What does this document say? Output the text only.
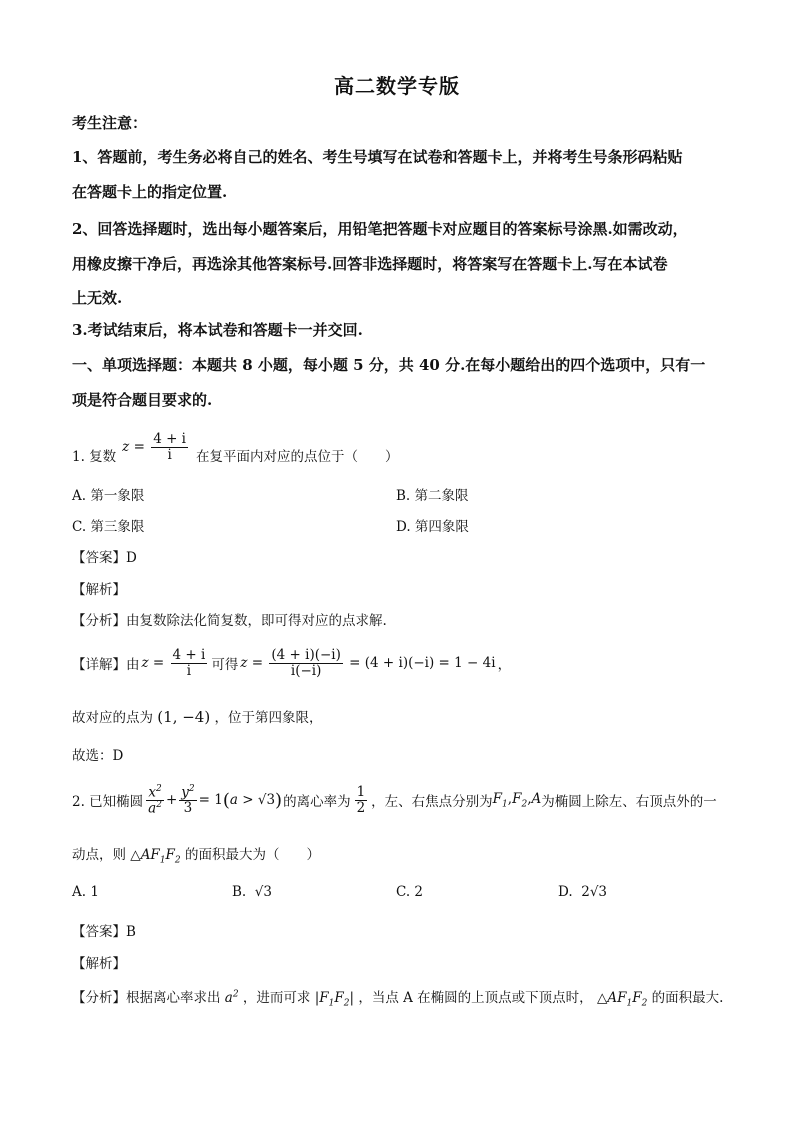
高二数学专版
考生注意：
1、答题前，考生务必将自己的姓名、考生号填写在试卷和答题卡上，并将考生号条形码粘贴
在答题卡上的指定位置.
2、回答选择题时，选出每小题答案后，用铅笔把答题卡对应题目的答案标号涂黑.如需改动，
用橡皮擦干净后，再选涂其他答案标号.回答非选择题时，将答案写在答题卡上.写在本试卷
上无效.
3.考试结束后，将本试卷和答题卡一并交回.
一、单项选择题：本题共 8 小题，每小题 5 分，共 40 分.在每小题给出的四个选项中，只有一
项是符合题目要求的.
1. 复数
$z = \frac{4 + i}{i}$ 在复平面内对应的点位于（　　）
A. 第一象限	B. 第二象限
C. 第三象限	D. 第四象限
【答案】D
【解析】
【分析】由复数除法化简复数，即可得对应的点求解.
【详解】由 $z = \frac{4 + i}{i}$ 可得 $z = \frac{(4 + i)(-i)}{i(-i)} = (4 + i)(-i) = 1 - 4i$ ，
故对应的点为 (1, −4) ，位于第四象限，
故选：D
2. 已知椭圆 $\frac{x^2}{a^2} + \frac{y^2}{3} = 1$ ( a > √3 ) 的离心率为 $\frac{1}{2}$ ，左、右焦点分别为 $F_1,F_2,A$ 为椭圆上除左、右顶点外的一
动点，则 $\triangle AF_1F_2$ 的面积最大为（　　）
A. 1	B.  √3	C. 2	D.  2√3
【答案】B
【解析】
【分析】根据离心率求出 $a^2$ ，进而可求 $|F_1F_2|$ ，当点 A 在椭圆的上顶点或下顶点时， $\triangle AF_1F_2$ 的面积最大.
